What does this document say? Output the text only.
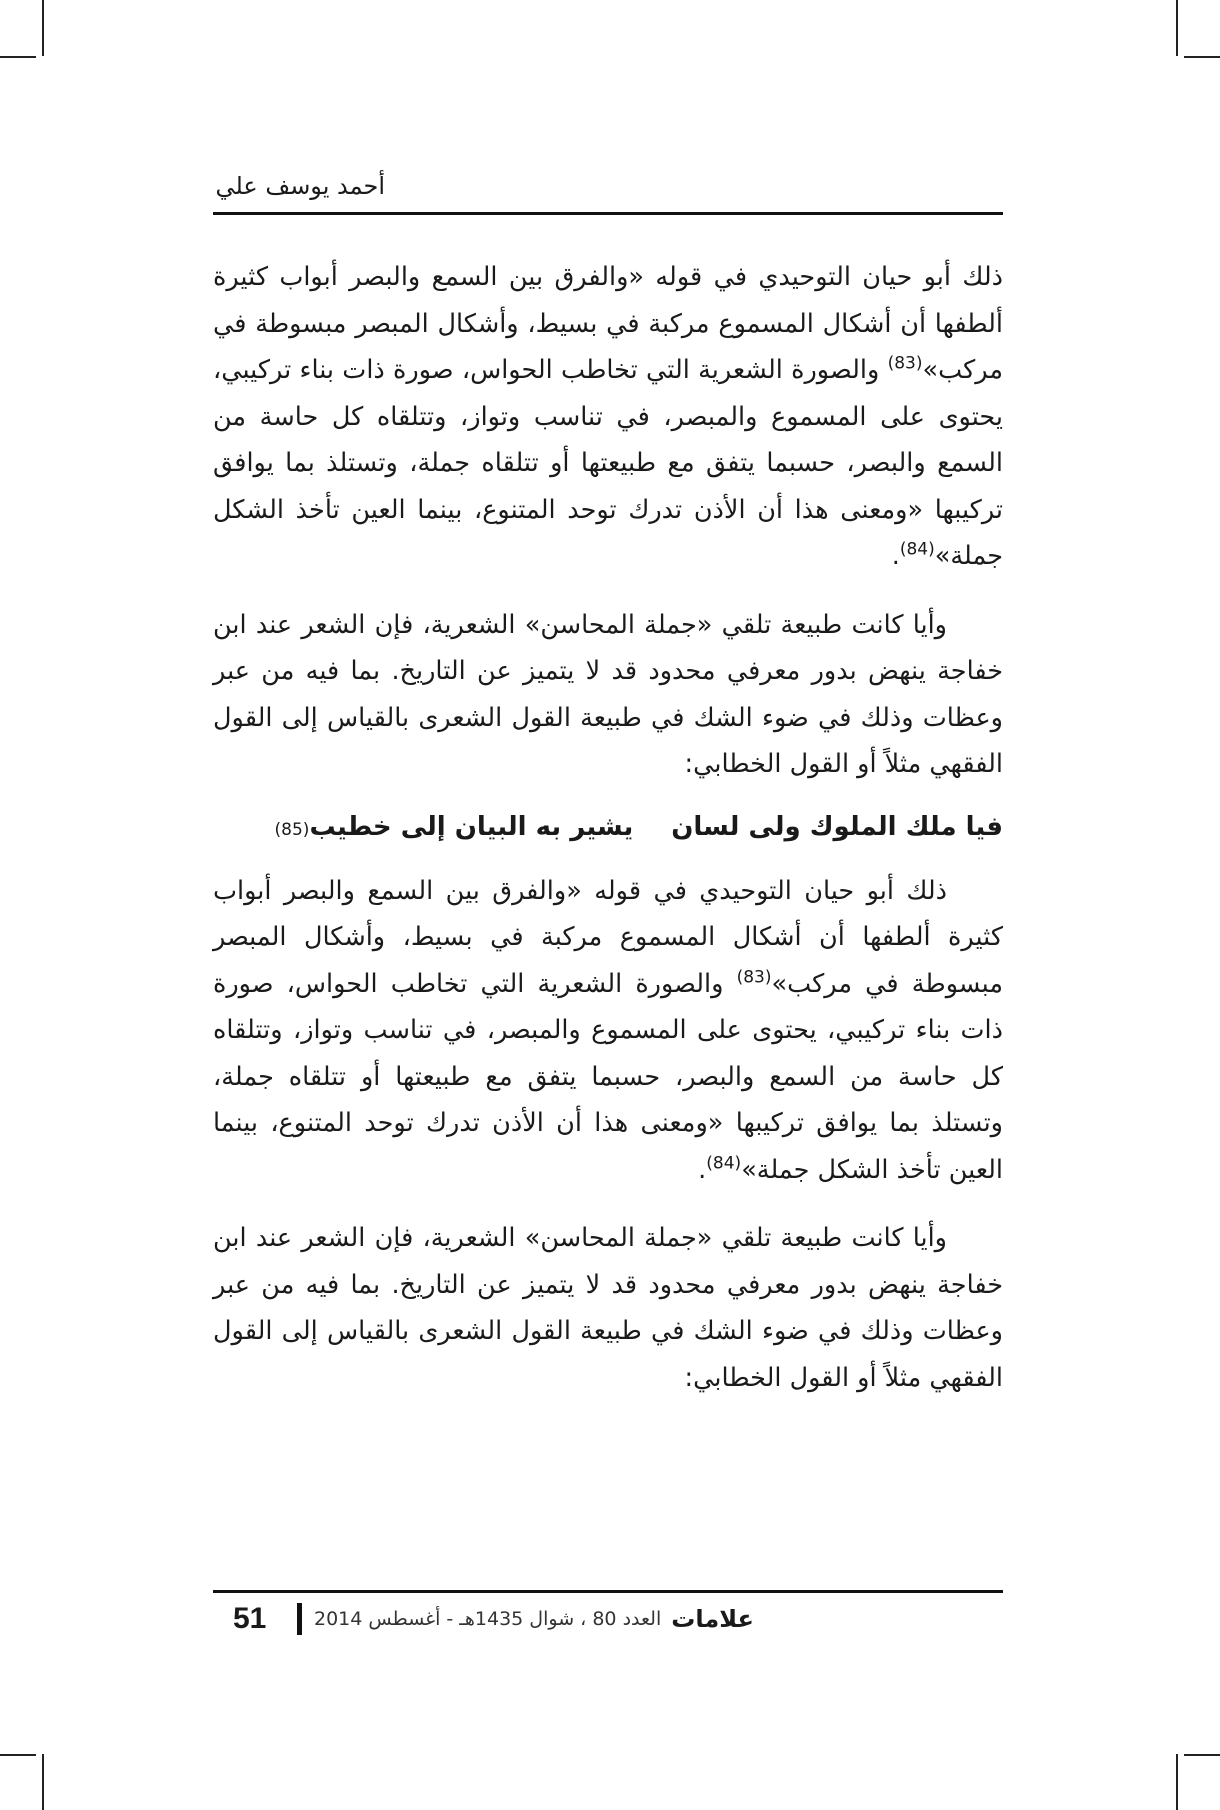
أحمد يوسف علي

ذلك أبو حيان التوحيدي في قوله «والفرق بين السمع والبصر أبواب كثيرة ألطفها أن أشكال المسموع مركبة في بسيط، وأشكال المبصر مبسوطة في مركب»$^{(83)}$ والصورة الشعرية التي تخاطب الحواس، صورة ذات بناء تركيبي، يحتوى على المسموع والمبصر، في تناسب وتواز، وتتلقاه كل حاسة من السمع والبصر، حسبما يتفق مع طبيعتها أو تتلقاه جملة، وتستلذ بما يوافق تركيبها «ومعنى هذا أن الأذن تدرك توحد المتنوع، بينما العين تأخذ الشكل جملة»$^{(84)}$.

وأيا كانت طبيعة تلقي «جملة المحاسن» الشعرية، فإن الشعر عند ابن خفاجة ينهض بدور معرفي محدود قد لا يتميز عن التاريخ. بما فيه من عبر وعظات وذلك في ضوء الشك في طبيعة القول الشعرى بالقياس إلى القول الفقهي مثلاً أو القول الخطابي:

فيا ملك الملوك ولى لسان
يشير به البيان إلى خطيب
(85)

ذلك أبو حيان التوحيدي في قوله «والفرق بين السمع والبصر أبواب كثيرة ألطفها أن أشكال المسموع مركبة في بسيط، وأشكال المبصر مبسوطة في مركب»$^{(83)}$ والصورة الشعرية التي تخاطب الحواس، صورة ذات بناء تركيبي، يحتوى على المسموع والمبصر، في تناسب وتواز، وتتلقاه كل حاسة من السمع والبصر، حسبما يتفق مع طبيعتها أو تتلقاه جملة، وتستلذ بما يوافق تركيبها «ومعنى هذا أن الأذن تدرك توحد المتنوع، بينما العين تأخذ الشكل جملة»$^{(84)}$.

وأيا كانت طبيعة تلقي «جملة المحاسن» الشعرية، فإن الشعر عند ابن خفاجة ينهض بدور معرفي محدود قد لا يتميز عن التاريخ. بما فيه من عبر وعظات وذلك في ضوء الشك في طبيعة القول الشعرى بالقياس إلى القول الفقهي مثلاً أو القول الخطابي:

51	العدد 80 ، شوال 1435هـ - أغسطس 2014 علامات
